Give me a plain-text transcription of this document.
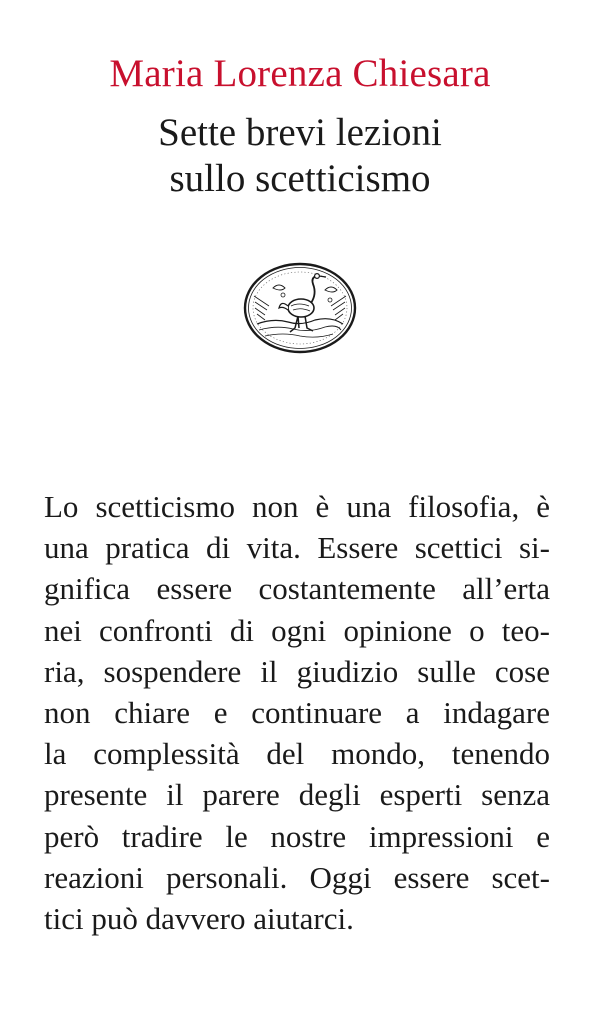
Maria Lorenza Chiesara
Sette brevi lezioni
sullo scetticismo
Lo scetticismo non è una filosofia, è
una pratica di vita. Essere scettici si-
gnifica essere costantemente all’erta
nei confronti di ogni opinione o teo-
ria, sospendere il giudizio sulle cose
non chiare e continuare a indagare
la complessità del mondo, tenendo
presente il parere degli esperti senza
però tradire le nostre impressioni e
reazioni personali. Oggi essere scet-
tici può davvero aiutarci.
